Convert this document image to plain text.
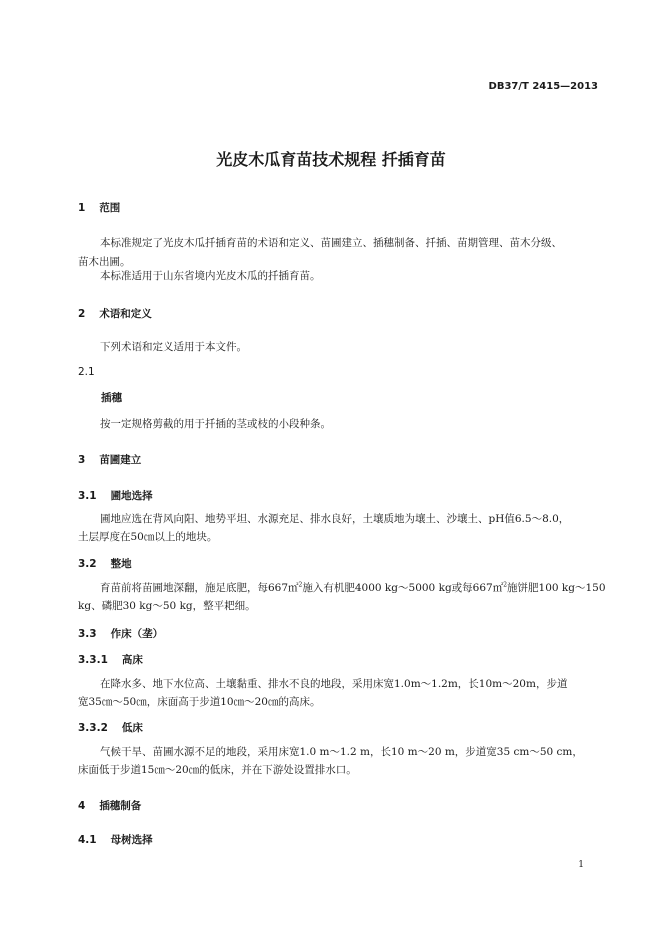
DB37/T 2415—2013
光皮木瓜育苗技术规程 扦插育苗
1 范围
本标准规定了光皮木瓜扦插育苗的术语和定义、苗圃建立、插穗制备、扦插、苗期管理、苗木分级、
苗木出圃。
本标准适用于山东省境内光皮木瓜的扦插育苗。
2 术语和定义
下列术语和定义适用于本文件。
2.1
插穗
按一定规格剪截的用于扦插的茎或枝的小段种条。
3 苗圃建立
3.1 圃地选择
圃地应选在背风向阳、地势平坦、水源充足、排水良好，土壤质地为壤土、沙壤土、pH值6.5～8.0，
土层厚度在50㎝以上的地块。
3.2 整地
育苗前将苗圃地深翻，施足底肥，每667㎡$^2$施入有机肥4000 kg～5000 kg或每667㎡$^2$施饼肥100 kg～150
kg、磷肥30 kg～50 kg，整平耙细。
3.3 作床（垄）
3.3.1 高床
在降水多、地下水位高、土壤黏重、排水不良的地段，采用床宽1.0m～1.2m，长10m～20m，步道
宽35㎝～50㎝，床面高于步道10㎝～20㎝的高床。
3.3.2 低床
气候干旱、苗圃水源不足的地段，采用床宽1.0 m～1.2 m，长10 m～20 m，步道宽35 cm～50 cm，
床面低于步道15㎝～20㎝的低床，并在下游处设置排水口。
4 插穗制备
4.1 母树选择
1
